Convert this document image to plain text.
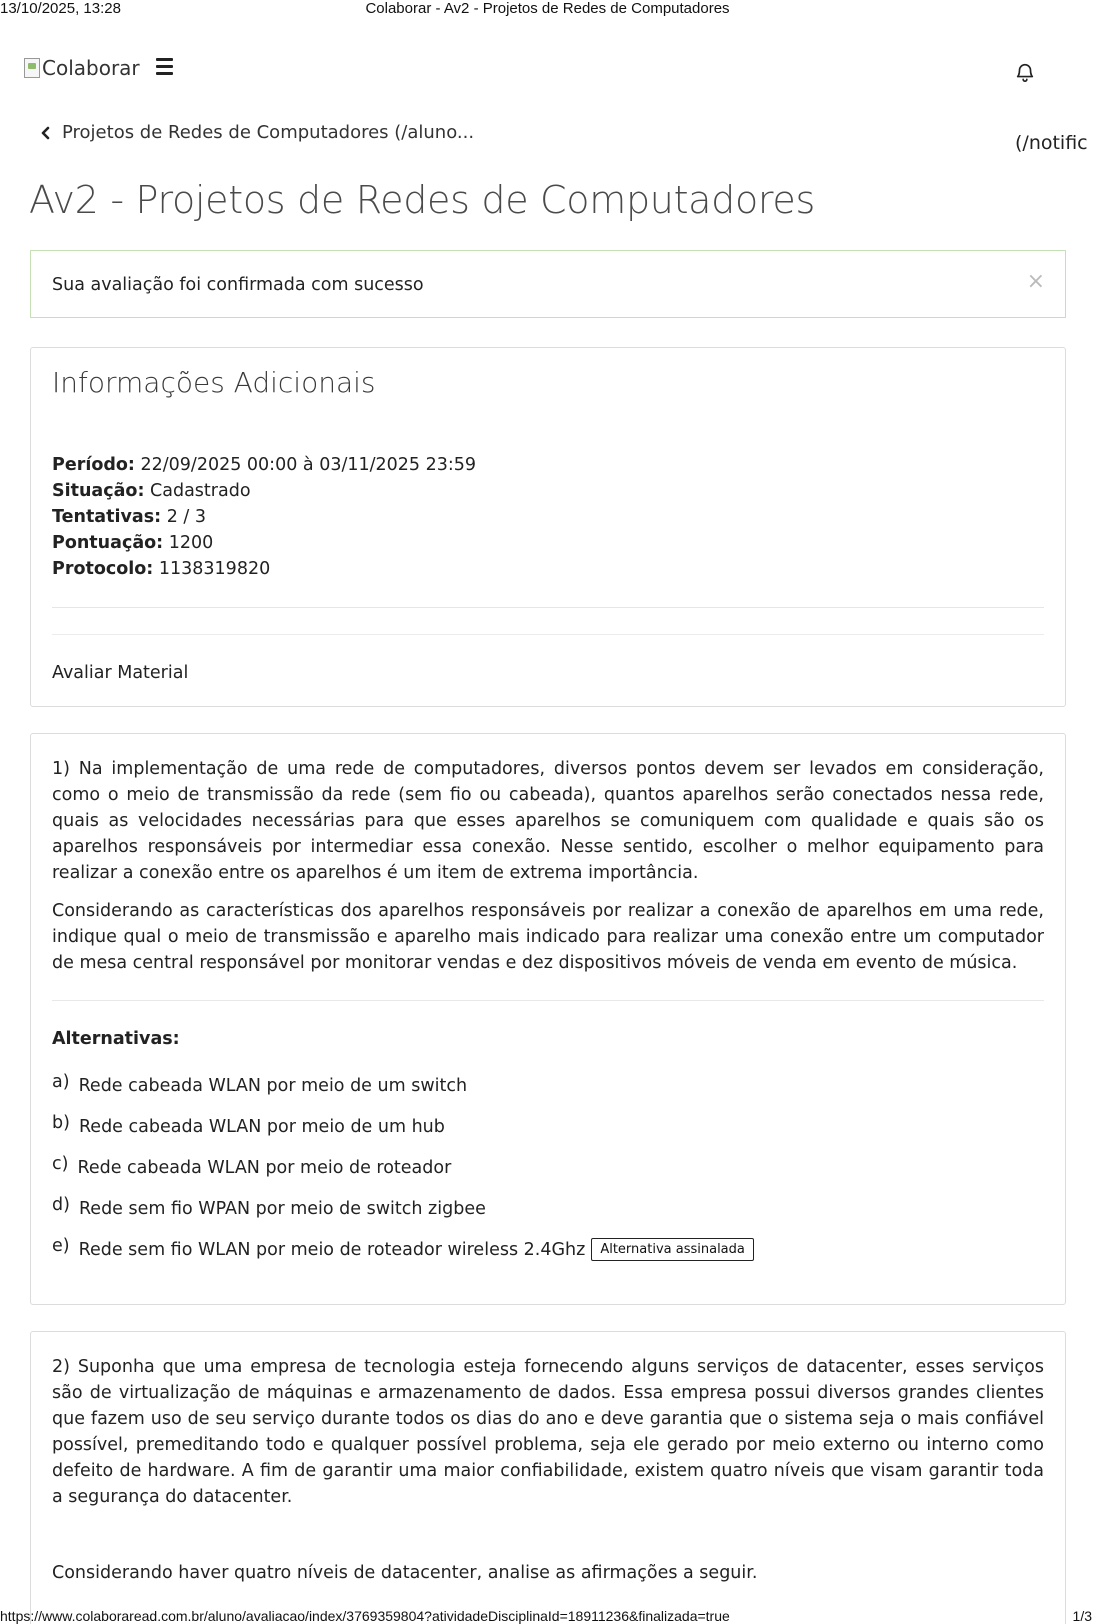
13/10/2025, 13:28	Colaborar - Av2 - Projetos de Redes de Computadores
Colaborar
Projetos de Redes de Computadores (/aluno...	(/notific
Av2 - Projetos de Redes de Computadores
Sua avaliação foi confirmada com sucesso	×
Informações Adicionais
Período: 22/09/2025 00:00 à 03/11/2025 23:59
Situação: Cadastrado
Tentativas: 2 / 3
Pontuação: 1200
Protocolo: 1138319820
Avaliar Material

1) Na implementação de uma rede de computadores, diversos pontos devem ser levados em consideração, como o meio de transmissão da rede (sem fio ou cabeada), quantos aparelhos serão conectados nessa rede, quais as velocidades necessárias para que esses aparelhos se comuniquem com qualidade e quais são os aparelhos responsáveis por intermediar essa conexão. Nesse sentido, escolher o melhor equipamento para realizar a conexão entre os aparelhos é um item de extrema importância.

Considerando as características dos aparelhos responsáveis por realizar a conexão de aparelhos em uma rede, indique qual o meio de transmissão e aparelho mais indicado para realizar uma conexão entre um computador de mesa central responsável por monitorar vendas e dez dispositivos móveis de venda em evento de música.

Alternativas:
a) Rede cabeada WLAN por meio de um switch
b) Rede cabeada WLAN por meio de um hub
c) Rede cabeada WLAN por meio de roteador
d) Rede sem fio WPAN por meio de switch zigbee
e) Rede sem fio WLAN por meio de roteador wireless 2.4Ghz	Alternativa assinalada

2) Suponha que uma empresa de tecnologia esteja fornecendo alguns serviços de datacenter, esses serviços são de virtualização de máquinas e armazenamento de dados. Essa empresa possui diversos grandes clientes que fazem uso de seu serviço durante todos os dias do ano e deve garantia que o sistema seja o mais confiável possível, premeditando todo e qualquer possível problema, seja ele gerado por meio externo ou interno como defeito de hardware. A fim de garantir uma maior confiabilidade, existem quatro níveis que visam garantir toda a segurança do datacenter.

Considerando haver quatro níveis de datacenter, analise as afirmações a seguir.

https://www.colaboraread.com.br/aluno/avaliacao/index/3769359804?atividadeDisciplinaId=18911236&finalizada=true	1/3
